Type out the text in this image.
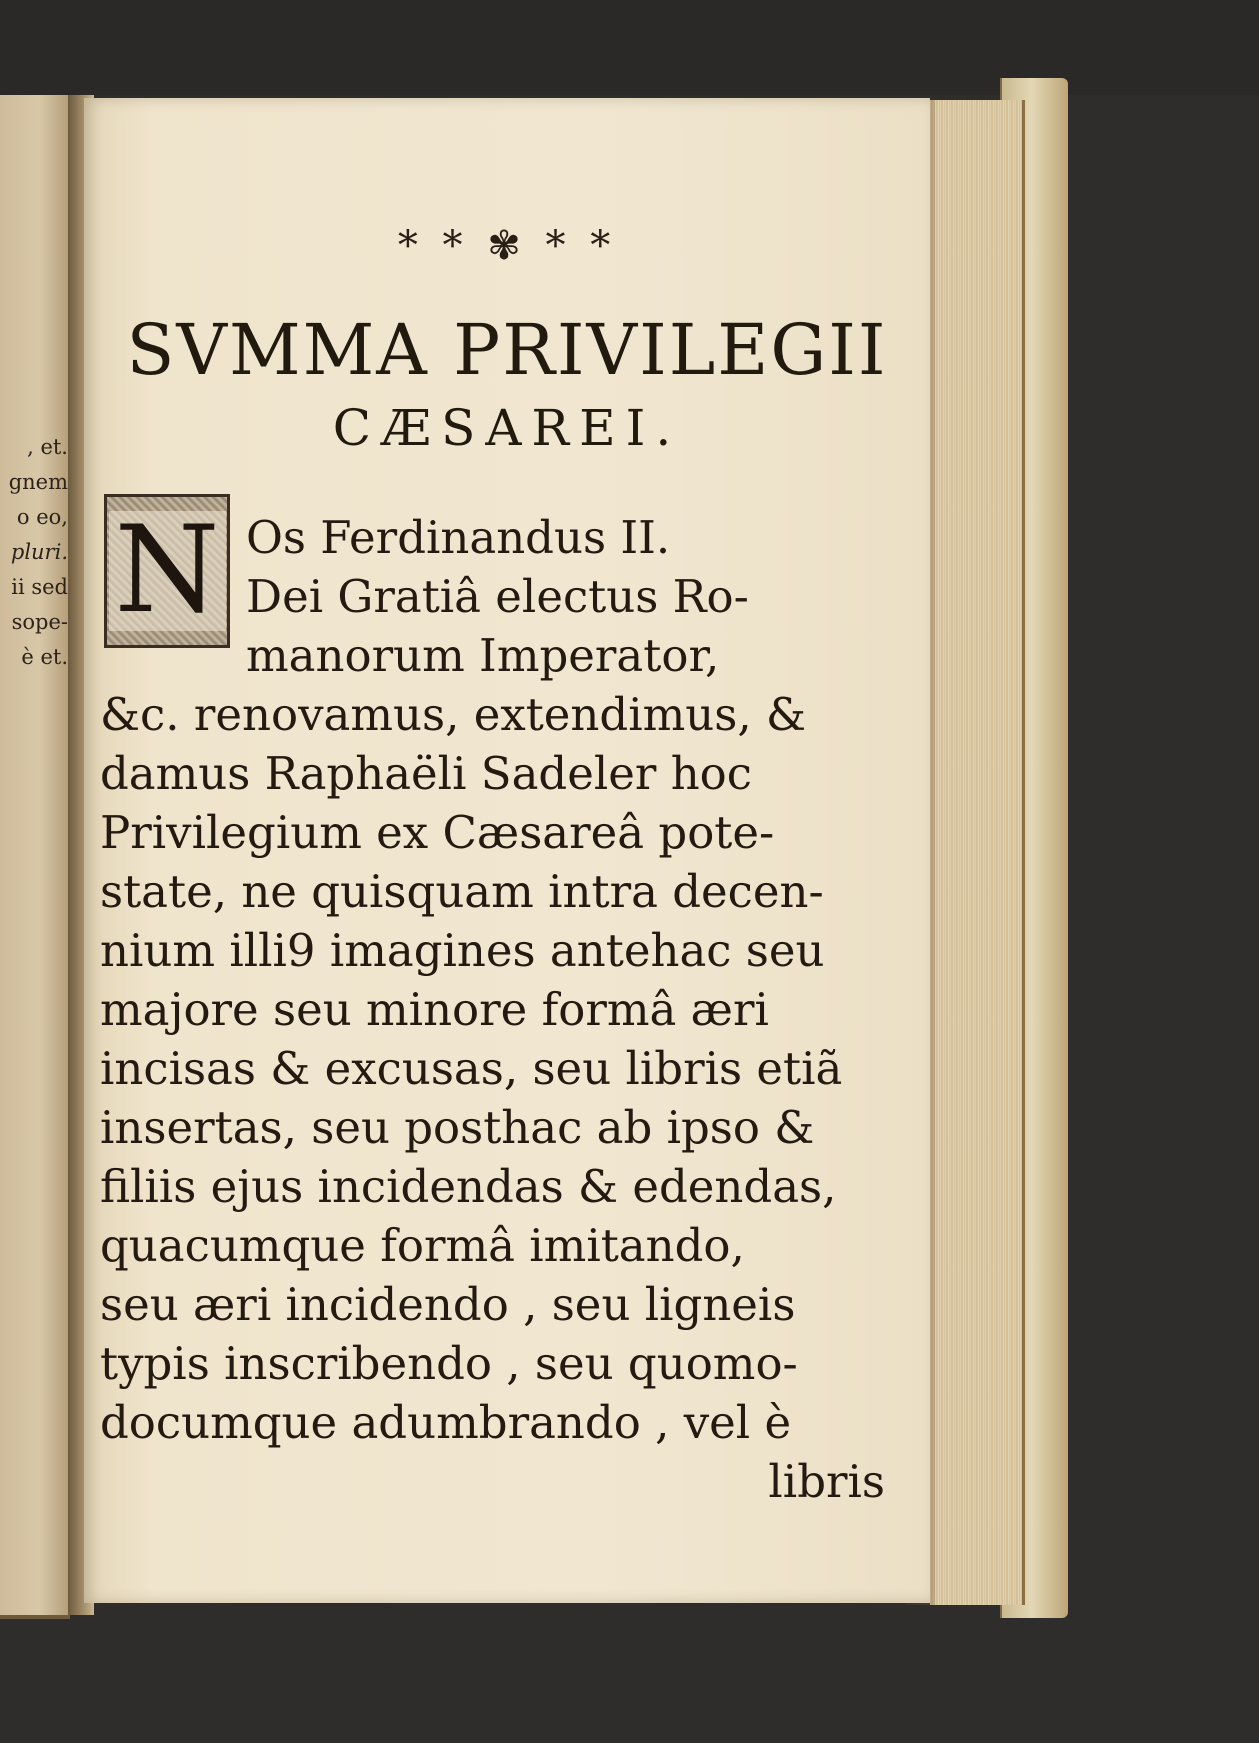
, et.
gnem
o eo,
pluri.
ii sed
sope-
è et.
* * ✾ * *
SVMMA PRIVILEGII
CÆSAREI.
N Os Ferdinandus II.
Dei Gratiâ electus Ro-
manorum Imperator,
&c. renovamus, extendimus, &
damus Raphaëli Sadeler hoc
Privilegium ex Cæsareâ pote-
state, ne quisquam intra decen-
nium illi9 imagines antehac seu
majore seu minore formâ æri
incisas & excusas, seu libris etiã
insertas, seu posthac ab ipso &
filiis ejus incidendas & edendas,
quacumque formâ imitando,
seu æri incidendo , seu ligneis
typis inscribendo , seu quomo-
documque adumbrando , vel è
libris
